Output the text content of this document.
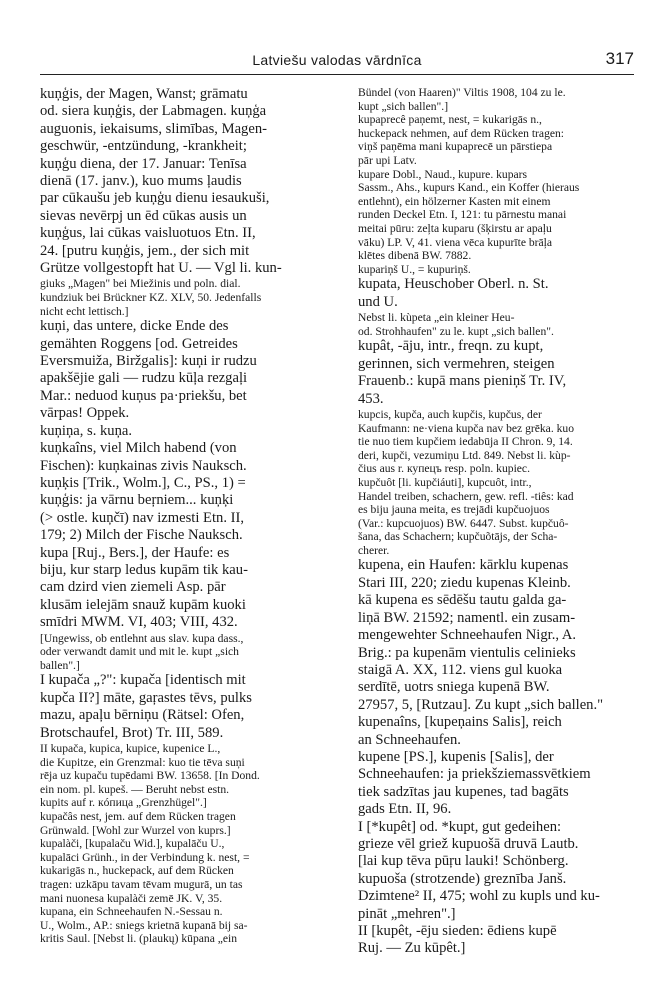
Latviešu valodas vārdnīca	317

kuņģis, der Magen, Wanst; grāmatu

od. siera kuņģis, der Labmagen. kuņģa

auguonis, iekaisums, slimības, Magen-

geschwür, -entzündung, -krankheit;

kuņģu diena, der 17. Januar: Tenīsa

dienā (17. janv.), kuo mums ļaudis

par cūkaušu jeb kuņģu dienu iesaukuši,

sievas nevērpj un ēd cūkas ausis un

kuņģus, lai cūkas vaisluotuos Etn. II,

24. [putru kuņģis, jem., der sich mit

Grütze vollgestopft hat U. — Vgl li. kun-

giuks „Magen" bei Miežinis und poln. dial.

kundziuk bei Brückner KZ. XLV, 50. Jedenfalls

nicht echt lettisch.]

kuņi, das untere, dicke Ende des

gemähten Roggens [od. Getreides

Eversmuiža, Biržgalis]: kuņi ir rudzu

apakšējie gali — rudzu kūļa rezgaļi

Mar.: neduod kuņus pa·priekšu, bet

vārpas! Oppek.

kuņiņa, s. kuņa.

kuņkaîns, viel Milch habend (von

Fischen): kuņkainas zivis Nauksch.

kuņķis [Trik., Wolm.], C., PS., 1) =

kuņģis: ja vārnu beŗniem... kuņķi

(> ostle. kuņčī) nav izmesti Etn. II,

179; 2) Milch der Fische Nauksch.

kupa [Ruj., Bers.], der Haufe: es

biju, kur starp ledus kupām tik kau-

cam dzird vien ziemeli Asp. pār

klusām ielejām snauž kupām kuoki

smīdri MWM. VI, 403; VIII, 432.

[Ungewiss, ob entlehnt aus slav. kupa dass.,

oder verwandt damit und mit le. kupt „sich

ballen".]

I kupača „?": kupača [identisch mit

kupča II?] māte, gaŗastes tēvs, pulks

mazu, apaļu bērniņu (Rätsel: Ofen,

Brotschaufel, Brot) Tr. III, 589.

II kupača, kupica, kupice, kupenice L.,

die Kupitze, ein Grenzmal: kuo tie tēva suņi

rēja uz kupaču tupēdami BW. 13658. [In Dond.

ein nom. pl. kupeš. — Beruht nebst estn.

kupits auf r. кóпица „Grenzhügel".]

kupačâs nest, jem. auf dem Rücken tragen

Grünwald. [Wohl zur Wurzel von kuprs.]

kupalàči, [kupalaču Wid.], kupalāču U.,

kupalāci Grünh., in der Verbindung k. nest, =

kukarigās n., huckepack, auf dem Rücken

tragen: uzkāpu tavam tēvam mugurā, un tas

mani nuonesa kupalàči zemē JK. V, 35.

kupana, ein Schneehaufen N.-Sessau n.

U., Wolm., AP.: sniegs krietnā kupanā bij sa-

kritis Saul. [Nebst li. (plaukų) kūpana „ein

Bündel (von Haaren)" Viltis 1908, 104 zu le.

kupt „sich ballen".]

kupaprecê paņemt, nest, = kukarigās n.,

huckepack nehmen, auf dem Rücken tragen:

viņš paņēma mani kupaprecē un pārstiepa

pār upi Latv.

kupare Dobl., Naud., kupure. kupars

Sassm., Ahs., kupurs Kand., ein Koffer (hieraus

entlehnt), ein hölzerner Kasten mit einem

runden Deckel Etn. I, 121: tu pārnestu manai

meitai pūru: zeļta kuparu (šķirstu ar apaļu

vāku) LP. V, 41. viena vēca kupurīte brāļa

klētes dibenā BW. 7882.

kupariņš U., = kupuriņš.

kupata, Heuschober Oberl. n. St.

und U.

Nebst li. kùpeta „ein kleiner Heu-

od. Strohhaufen" zu le. kupt „sich ballen".

kupât, -āju, intr., freqn. zu kupt,

gerinnen, sich vermehren, steigen

Frauenb.: kupā mans pieniņš Tr. IV,

453.

kupcis, kupča, auch kupčis, kupčus, der

Kaufmann: ne·viena kupča nav bez grēka. kuo

tie nuo tiem kupčiem iedabūja II Chron. 9, 14.

deri, kupči, vezumiņu Ltd. 849. Nebst li. kùp-

čius aus r. купецъ resp. poln. kupiec.

kupčuôt [li. kupčiáuti], kupcuôt, intr.,

Handel treiben, schachern, gew. refl. -tiês: kad

es biju jauna meita, es trejādi kupčuojuos

(Var.: kupcuojuos) BW. 6447. Subst. kupčuô-

šana, das Schachern; kupčuõtājs, der Scha-

cherer.

kupena, ein Haufen: kārklu kupenas

Stari III, 220; ziedu kupenas Kleinb.

kā kupena es sēdēšu tautu galda ga-

liņā BW. 21592; namentl. ein zusam-

mengewehter Schneehaufen Nigr., A.

Brig.: pa kupenām vientulis celinieks

staigā A. XX, 112. viens gul kuoka

serdītē, uotrs sniega kupenā BW.

27957, 5, [Rutzau]. Zu kupt „sich ballen."

kupenaîns, [kupeņains Salis], reich

an Schneehaufen.

kupene [PS.], kupenis [Salis], der

Schneehaufen: ja priekšziemassvētkiem

tiek sadzītas jau kupenes, tad bagāts

gads Etn. II, 96.

I [*kupêt] od. *kupt, gut gedeihen:

grieze vēl griež kupuošā druvā Lautb.

[lai kup tēva pūŗu lauki! Schönberg.

kupuoša (strotzende) greznība Janš.

Dzimtene² II, 475; wohl zu kupls und ku-

pināt „mehren".]

II [kupêt, -ēju sieden: ēdiens kupē

Ruj. — Zu kūpêt.]
